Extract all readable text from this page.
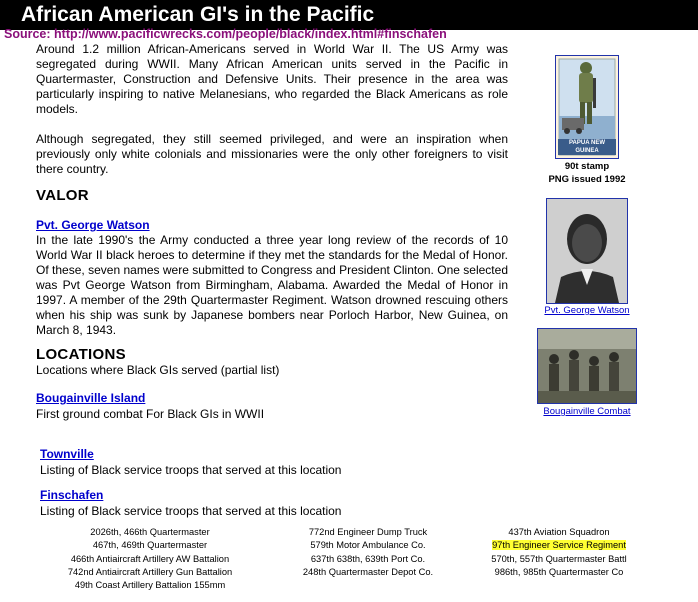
African American GI's in the Pacific
Source: http://www.pacificwrecks.com/people/black/index.html#finschafen

Around 1.2 million African-Americans served in World War II. The US Army was segregated during WWII. Many African American units served in the Pacific in Quartermaster, Construction and Defensive Units. Their presence in the area was particularly inspiring to native Melanesians, who regarded the Black Americans as role models.

Although segregated, they still seemed privileged, and were an inspiration when previously only white colonials and missionaries were the only other foreigners to visit there country.

VALOR
Pvt. George Watson

In the late 1990's the Army conducted a three year long review of the records of 10 World War II black heroes to determine if they met the standards for the Medal of Honor. Of these, seven names were submitted to Congress and President Clinton. One selected was Pvt George Watson from Birmingham, Alabama. Awarded the Medal of Honor in 1997. A member of the 29th Quartermaster Regiment. Watson drowned rescuing others when his ship was sunk by Japanese bombers near Porloch Harbor, New Guinea, on March 8, 1943.

LOCATIONS
Locations where Black GIs served (partial list)
Bougainville Island
First ground combat For Black GIs in WWII
Townville
Listing of Black service troops that served at this location
Finschafen
Listing of Black service troops that served at this location
PAPUA NEW GUINEA
90t stamp
PNG issued 1992
Pvt. George Watson
Bougainville Combat
2026th, 466th Quartermaster
467th, 469th Quartermaster
466th Antiaircraft Artillery AW Battalion
742nd Antiaircraft Artillery Gun Battalion
49th Coast Artillery Battalion 155mm
772nd Engineer Dump Truck
579th Motor Ambulance Co.
637th 638th, 639th Port Co.
248th Quartermaster Depot Co.
437th Aviation Squadron
97th Engineer Service Regiment
570th, 557th Quartermaster Battl
986th, 985th Quartermaster Co
